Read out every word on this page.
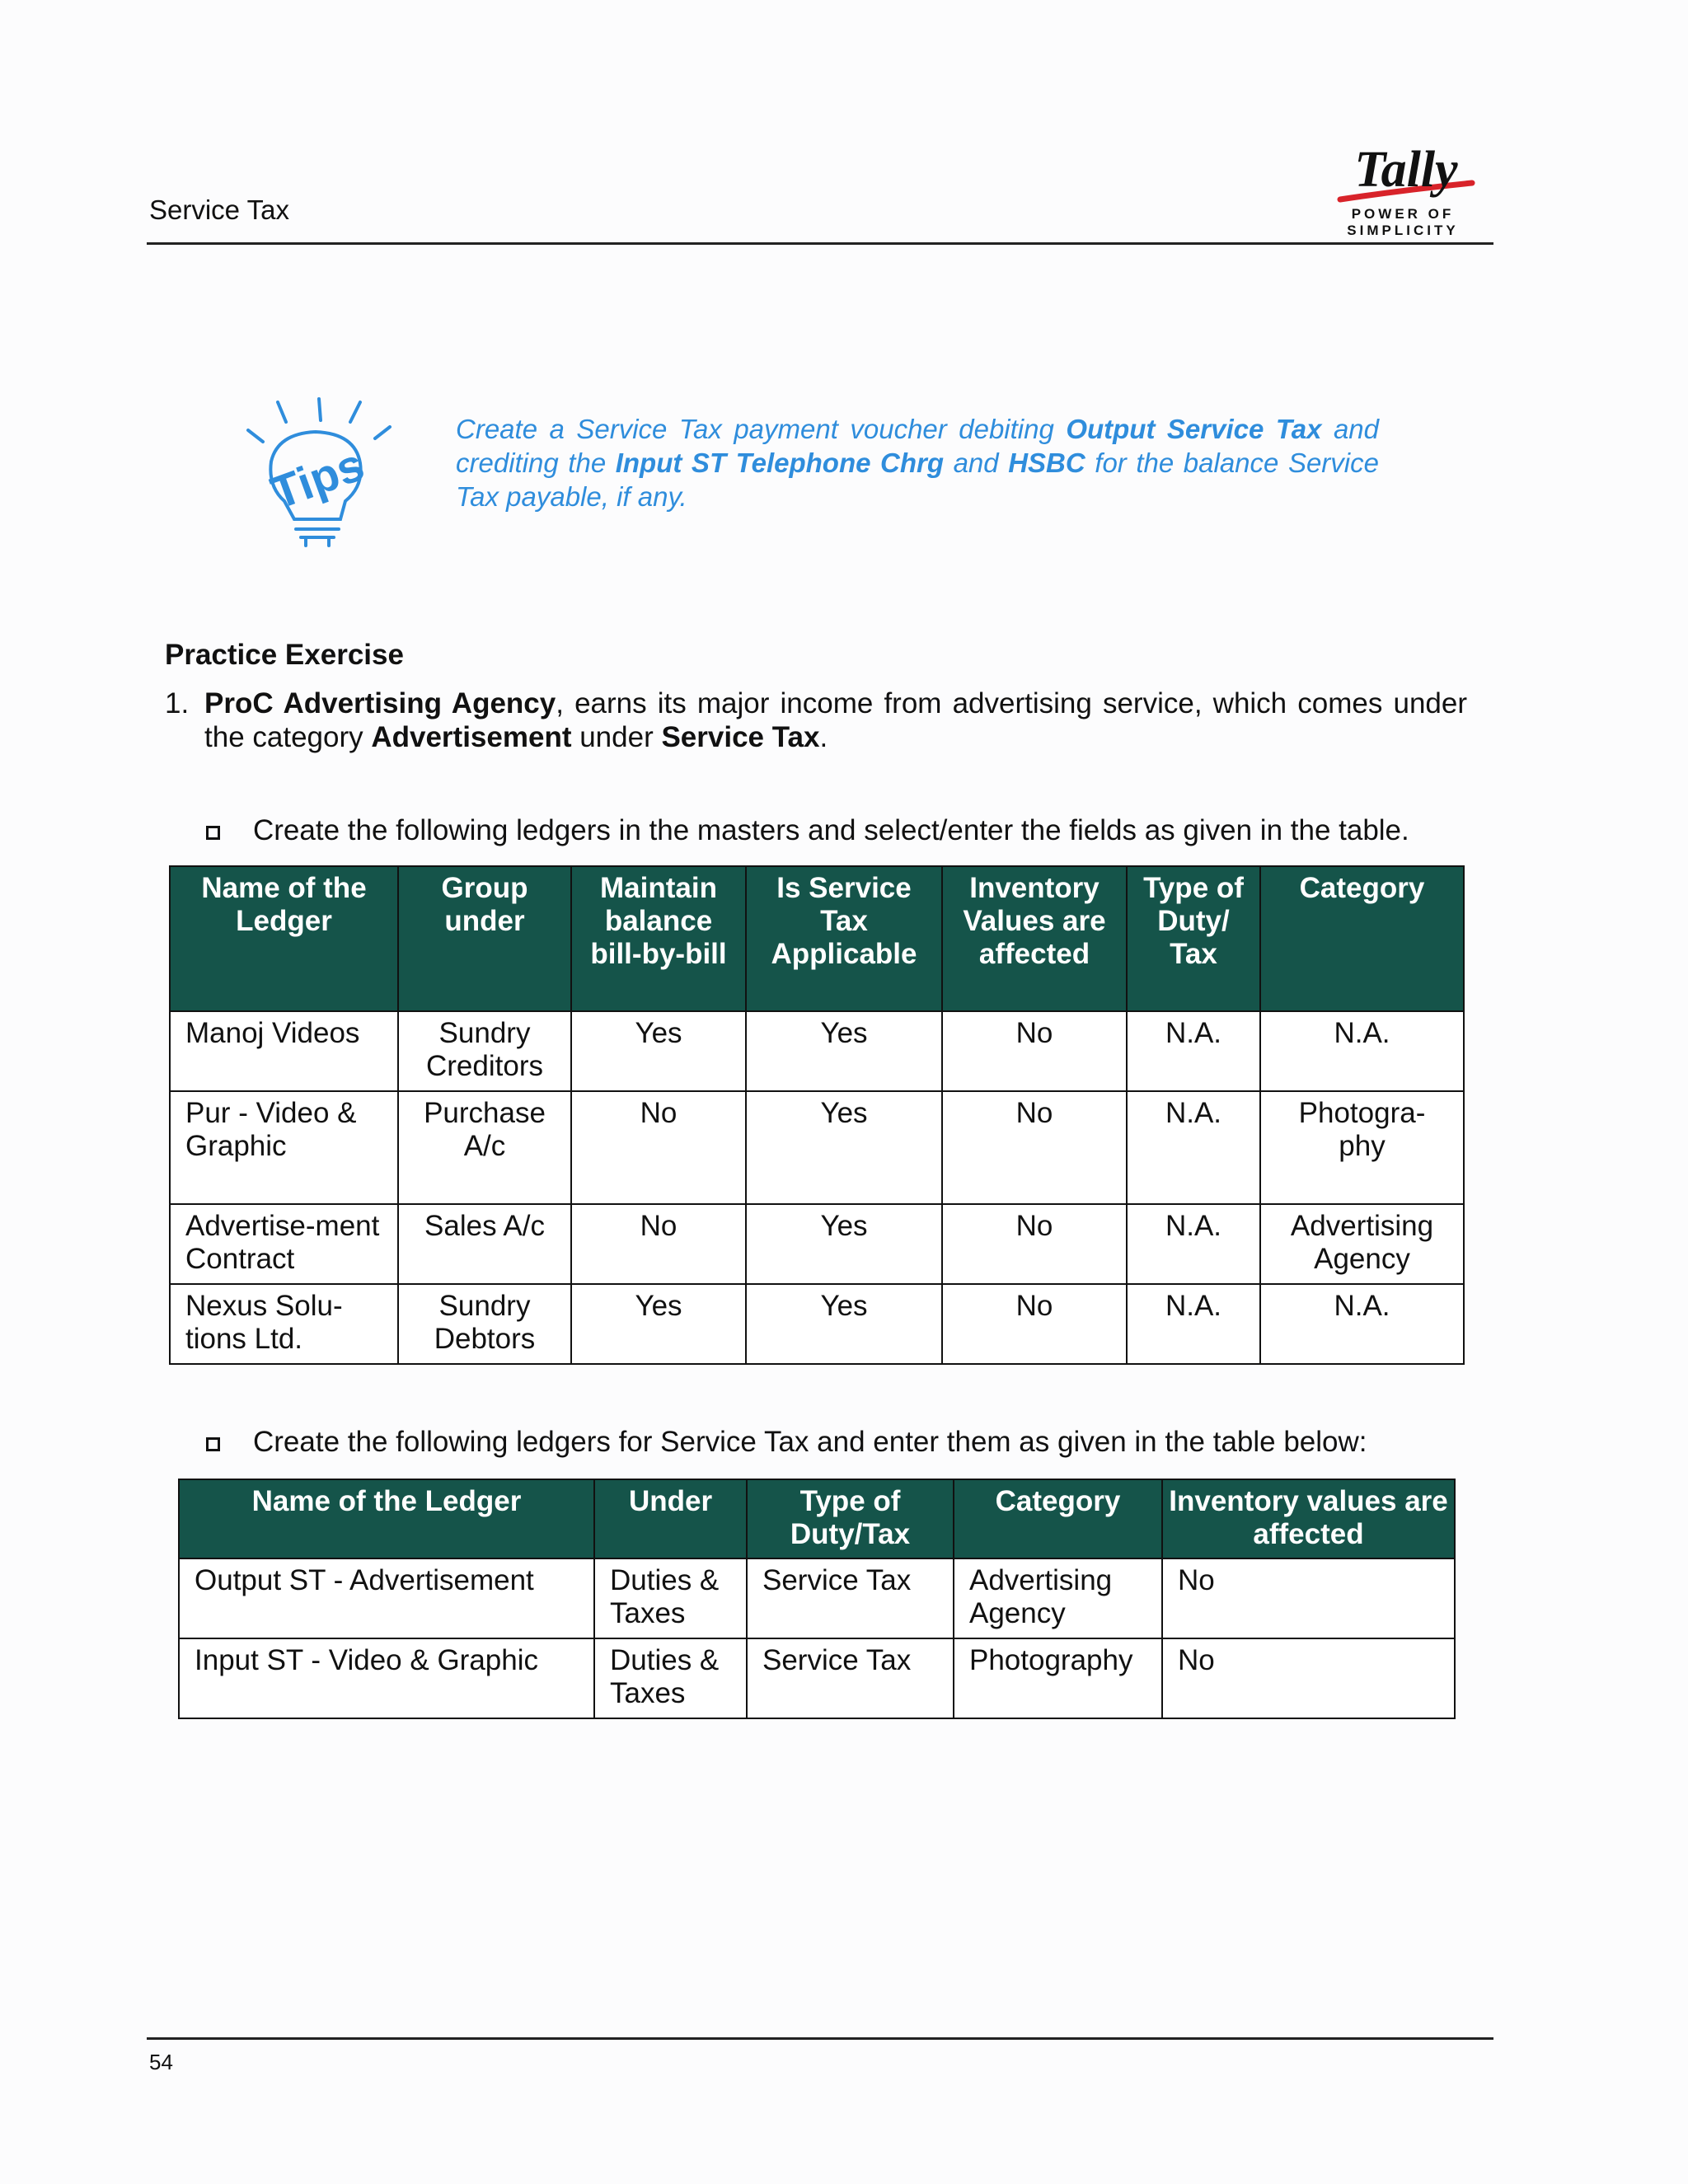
Service Tax
Tally
POWER OF SIMPLICITY
Tips
Create a Service Tax payment voucher debiting Output Service Tax and crediting the Input ST Telephone Chrg and HSBC for the balance Service Tax payable, if any.
Practice Exercise
1. ProC Advertising Agency, earns its major income from advertising service, which comes under the category Advertisement under Service Tax.
Create the following ledgers in the masters and select/enter the fields as given in the table.
Name of the Ledger	Group under	Maintain balance bill-by-bill	Is Service Tax Applicable	Inventory Values are affected	Type of Duty/ Tax	Category
Manoj Videos	Sundry Creditors	Yes	Yes	No	N.A.	N.A.
Pur - Video & Graphic	Purchase A/c	No	Yes	No	N.A.	Photogra-phy
Advertise-ment Contract	Sales A/c	No	Yes	No	N.A.	Advertising Agency
Nexus Solu-tions Ltd.	Sundry Debtors	Yes	Yes	No	N.A.	N.A.
Create the following ledgers for Service Tax and enter them as given in the table below:
Name of the Ledger	Under	Type of Duty/Tax	Category	Inventory values are affected
Output ST - Advertisement	Duties & Taxes	Service Tax	Advertising Agency	No
Input ST - Video & Graphic	Duties & Taxes	Service Tax	Photography	No
54
